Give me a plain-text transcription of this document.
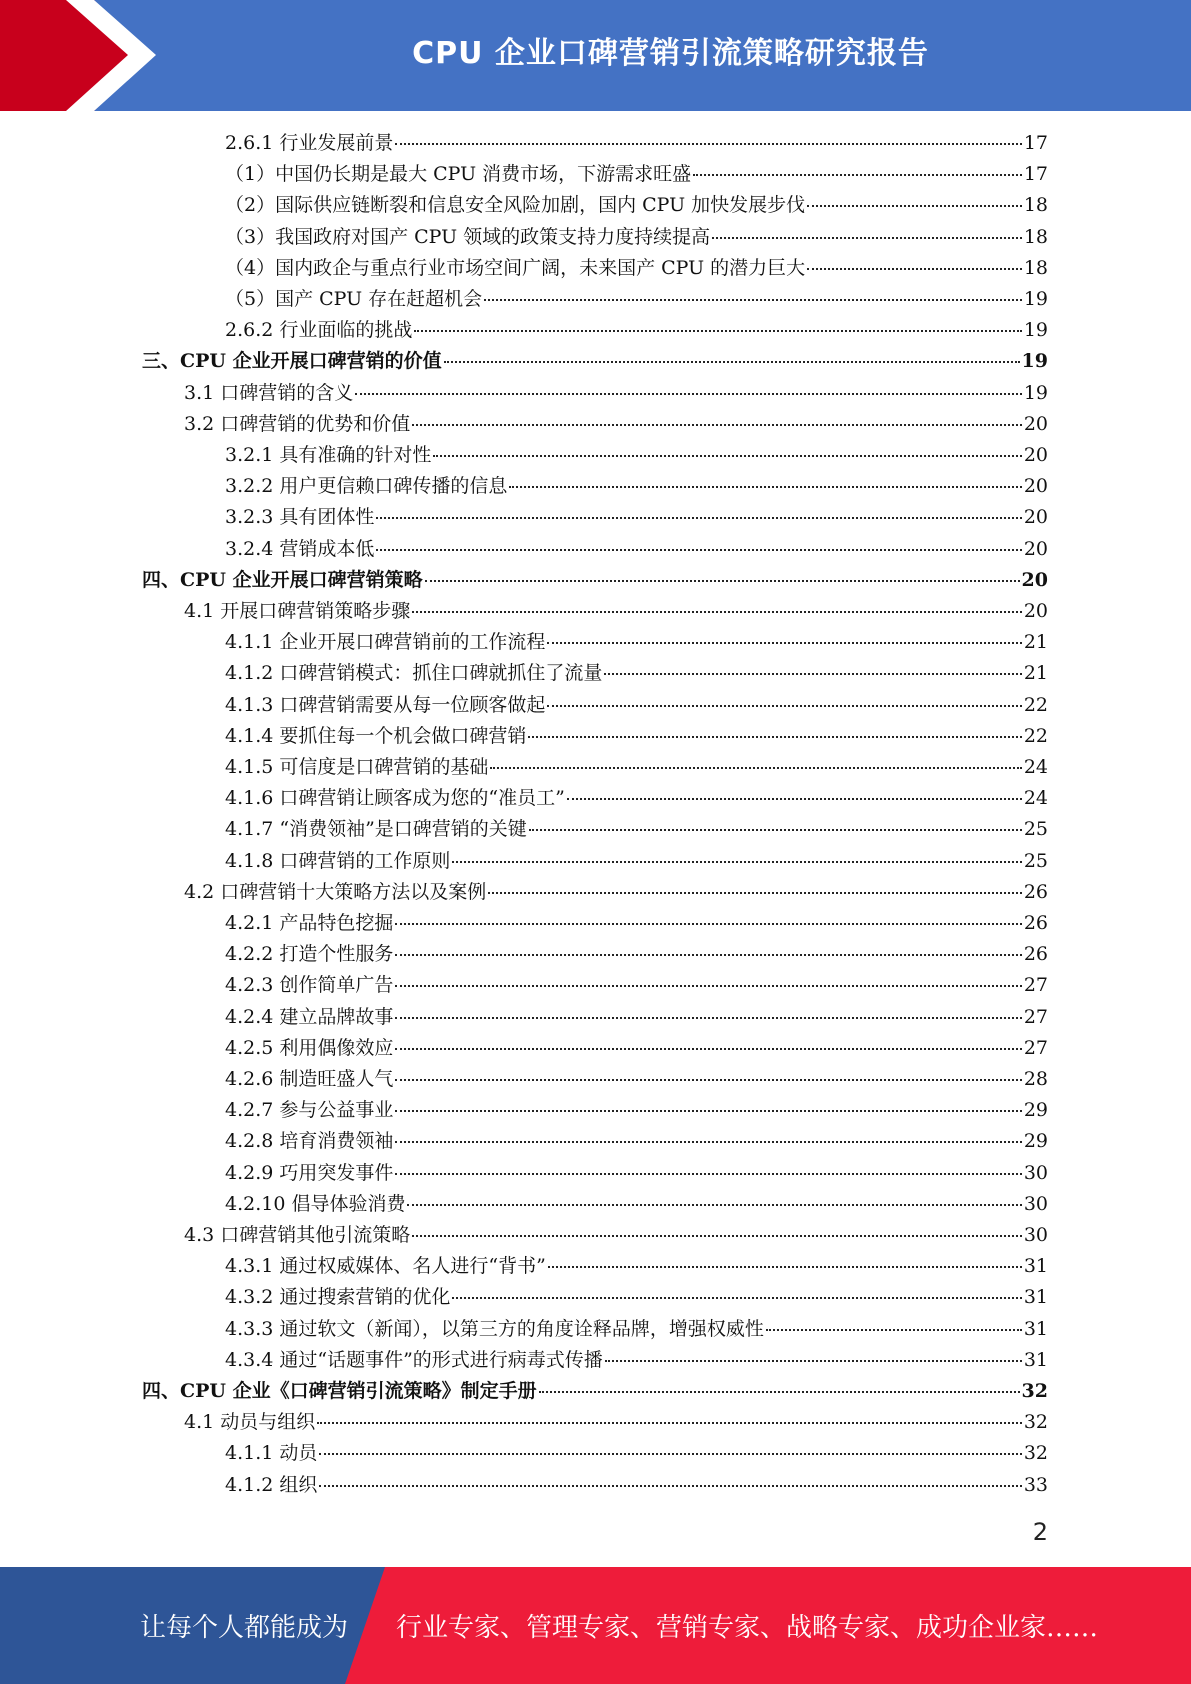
CPU 企业口碑营销引流策略研究报告
2.6.1 行业发展前景	17
（1）中国仍长期是最大 CPU 消费市场，下游需求旺盛	17
（2）国际供应链断裂和信息安全风险加剧，国内 CPU 加快发展步伐	18
（3）我国政府对国产 CPU 领域的政策支持力度持续提高	18
（4）国内政企与重点行业市场空间广阔，未来国产 CPU 的潜力巨大	18
（5）国产 CPU 存在赶超机会	19
2.6.2 行业面临的挑战	19
三、CPU 企业开展口碑营销的价值	19
3.1 口碑营销的含义	19
3.2 口碑营销的优势和价值	20
3.2.1 具有准确的针对性	20
3.2.2 用户更信赖口碑传播的信息	20
3.2.3 具有团体性	20
3.2.4 营销成本低	20
四、CPU 企业开展口碑营销策略	20
4.1 开展口碑营销策略步骤	20
4.1.1 企业开展口碑营销前的工作流程	21
4.1.2 口碑营销模式：抓住口碑就抓住了流量	21
4.1.3 口碑营销需要从每一位顾客做起	22
4.1.4 要抓住每一个机会做口碑营销	22
4.1.5 可信度是口碑营销的基础	24
4.1.6 口碑营销让顾客成为您的“准员工”	24
4.1.7 “消费领袖”是口碑营销的关键	25
4.1.8 口碑营销的工作原则	25
4.2 口碑营销十大策略方法以及案例	26
4.2.1 产品特色挖掘	26
4.2.2 打造个性服务	26
4.2.3 创作简单广告	27
4.2.4 建立品牌故事	27
4.2.5 利用偶像效应	27
4.2.6 制造旺盛人气	28
4.2.7 参与公益事业	29
4.2.8 培育消费领袖	29
4.2.9 巧用突发事件	30
4.2.10 倡导体验消费	30
4.3 口碑营销其他引流策略	30
4.3.1 通过权威媒体、名人进行“背书”	31
4.3.2 通过搜索营销的优化	31
4.3.3 通过软文（新闻），以第三方的角度诠释品牌，增强权威性	31
4.3.4 通过“话题事件”的形式进行病毒式传播	31
四、CPU 企业《口碑营销引流策略》制定手册	32
4.1 动员与组织	32
4.1.1 动员	32
4.1.2 组织	33
2
让每个人都能成为 行业专家、管理专家、营销专家、战略专家、成功企业家……
